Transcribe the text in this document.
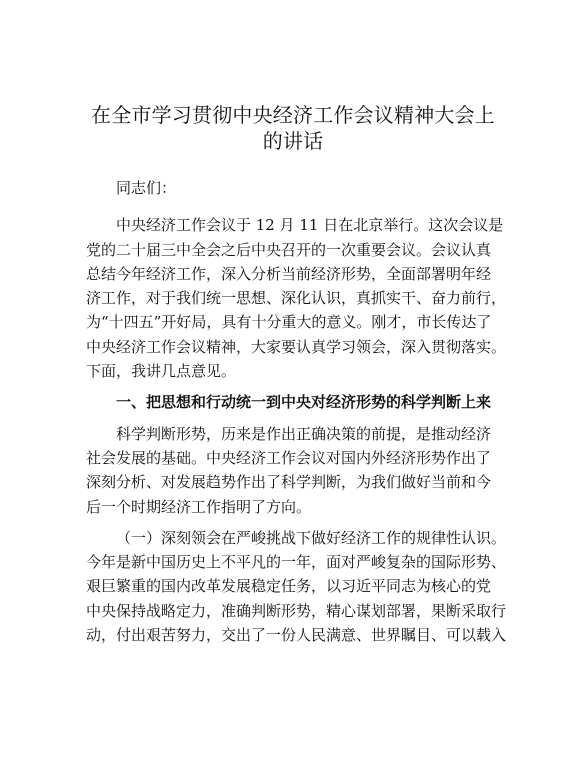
在全市学习贯彻中央经济工作会议精神大会上
的讲话

同志们：

中央经济工作会议于 12 月 11 日在北京举行。这次会议是
党的二十届三中全会之后中央召开的一次重要会议。会议认真
总结今年经济工作，深入分析当前经济形势，全面部署明年经
济工作，对于我们统一思想、深化认识，真抓实干、奋力前行，
为“十四五”开好局，具有十分重大的意义。刚才，市长传达了
中央经济工作会议精神，大家要认真学习领会，深入贯彻落实。
下面，我讲几点意见。

一、把思想和行动统一到中央对经济形势的科学判断上来

科学判断形势，历来是作出正确决策的前提，是推动经济
社会发展的基础。中央经济工作会议对国内外经济形势作出了
深刻分析、对发展趋势作出了科学判断，为我们做好当前和今
后一个时期经济工作指明了方向。

（一）深刻领会在严峻挑战下做好经济工作的规律性认识。
今年是新中国历史上不平凡的一年，面对严峻复杂的国际形势、
艰巨繁重的国内改革发展稳定任务，以习近平同志为核心的党
中央保持战略定力，准确判断形势，精心谋划部署，果断采取行
动，付出艰苦努力，交出了一份人民满意、世界瞩目、可以载入
